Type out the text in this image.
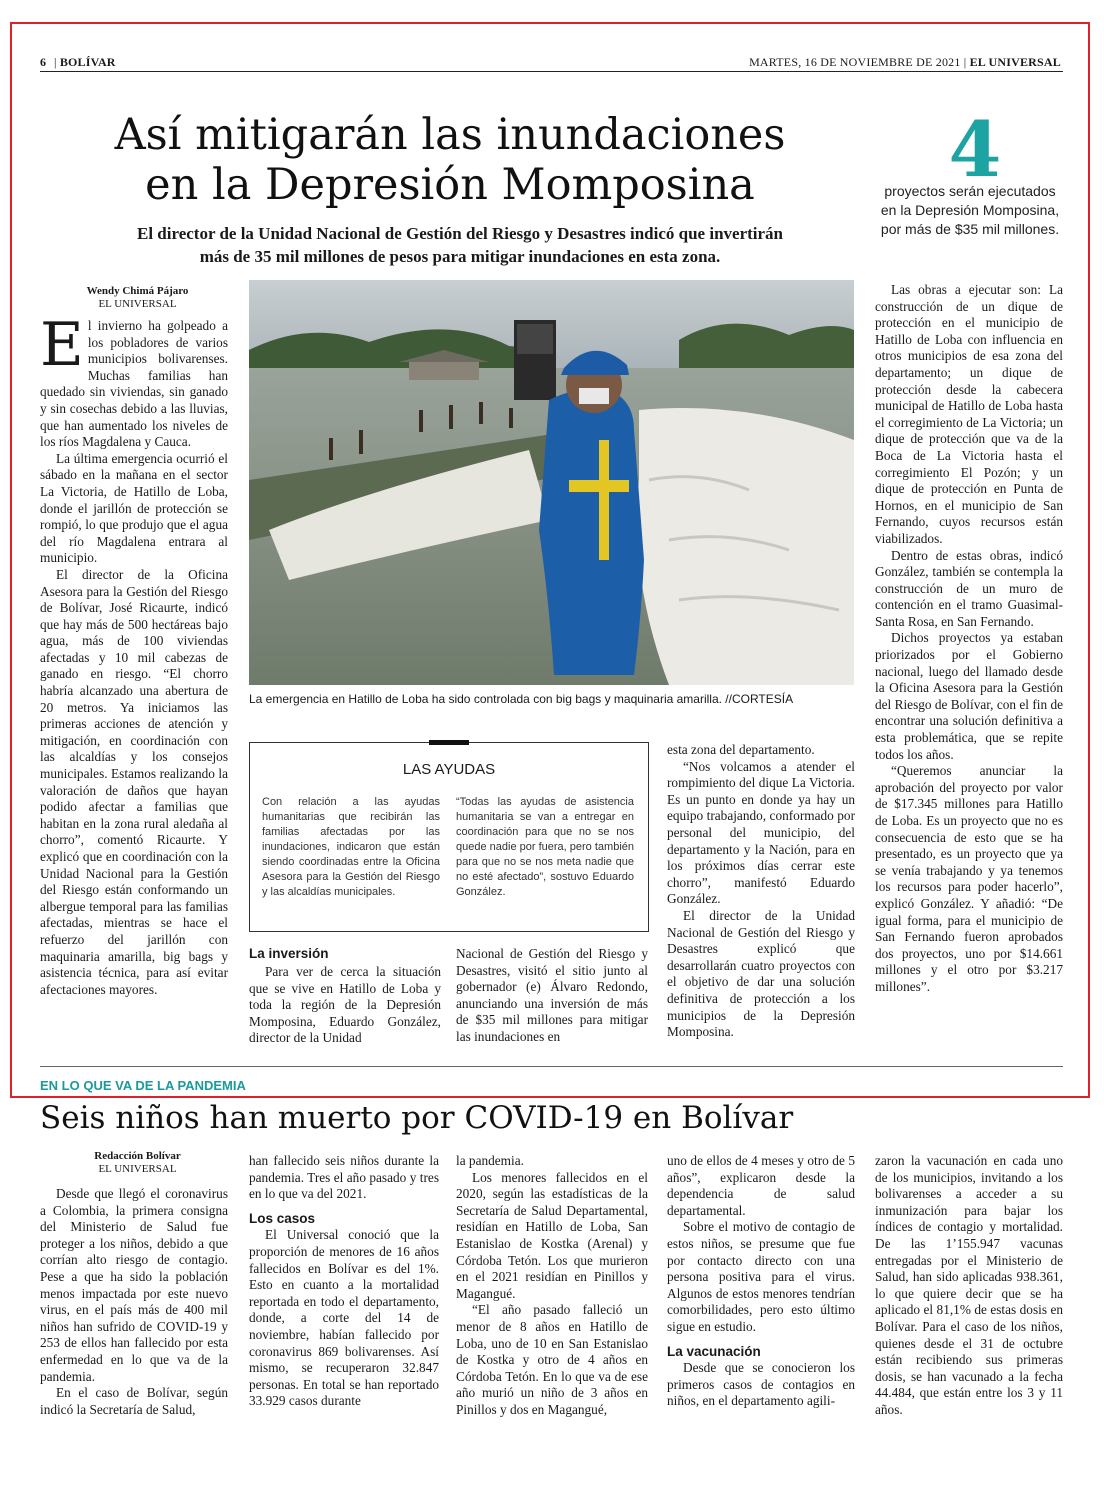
6 | BOLÍVAR	MARTES, 16 DE NOVIEMBRE DE 2021 | EL UNIVERSAL
Así mitigarán las inundaciones
en la Depresión Momposina
El director de la Unidad Nacional de Gestión del Riesgo y Desastres indicó que invertirán
más de 35 mil millones de pesos para mitigar inundaciones en esta zona.
4
proyectos serán ejecutados en la Depresión Momposina, por más de $35 mil millones.
Wendy Chimá Pájaro
EL UNIVERSAL

El invierno ha golpeado a los pobladores de varios municipios bolivarenses. Muchas familias han quedado sin viviendas, sin ganado y sin cosechas debido a las lluvias, que han aumentado los niveles de los ríos Magdalena y Cauca.

La última emergencia ocurrió el sábado en la mañana en el sector La Victoria, de Hatillo de Loba, donde el jarillón de protección se rompió, lo que produjo que el agua del río Magdalena entrara al municipio.

El director de la Oficina Asesora para la Gestión del Riesgo de Bolívar, José Ricaurte, indicó que hay más de 500 hectáreas bajo agua, más de 100 viviendas afectadas y 10 mil cabezas de ganado en riesgo. “El chorro habría alcanzado una abertura de 20 metros. Ya iniciamos las primeras acciones de atención y mitigación, en coordinación con las alcaldías y los consejos municipales. Estamos realizando la valoración de daños que hayan podido afectar a familias que habitan en la zona rural aledaña al chorro”, comentó Ricaurte. Y explicó que en coordinación con la Unidad Nacional para la Gestión del Riesgo están conformando un albergue temporal para las familias afectadas, mientras se hace el refuerzo del jarillón con maquinaria amarilla, big bags y asistencia técnica, para así evitar afectaciones mayores.

La emergencia en Hatillo de Loba ha sido controlada con big bags y maquinaria amarilla. //CORTESÍA
LAS AYUDAS
Con relación a las ayudas humanitarias que recibirán las familias afectadas por las inundaciones, indicaron que están siendo coordinadas entre la Oficina Asesora para la Gestión del Riesgo y las alcaldías municipales.
“Todas las ayudas de asistencia humanitaria se van a entregar en coordinación para que no se nos quede nadie por fuera, pero también para que no se nos meta nadie que no esté afectado”, sostuvo Eduardo González.
La inversión

Para ver de cerca la situación que se vive en Hatillo de Loba y toda la región de la Depresión Momposina, Eduardo González, director de la Unidad

Nacional de Gestión del Riesgo y Desastres, visitó el sitio junto al gobernador (e) Álvaro Redondo, anunciando una inversión de más de $35 mil millones para mitigar las inundaciones en

esta zona del departamento.

“Nos volcamos a atender el rompimiento del dique La Victoria. Es un punto en donde ya hay un equipo trabajando, conformado por personal del municipio, del departamento y la Nación, para en los próximos días cerrar este chorro”, manifestó Eduardo González.

El director de la Unidad Nacional de Gestión del Riesgo y Desastres explicó que desarrollarán cuatro proyectos con el objetivo de dar una solución definitiva de protección a los municipios de la Depresión Momposina.

Las obras a ejecutar son: La construcción de un dique de protección en el municipio de Hatillo de Loba con influencia en otros municipios de esa zona del departamento; un dique de protección desde la cabecera municipal de Hatillo de Loba hasta el corregimiento de La Victoria; un dique de protección que va de la Boca de La Victoria hasta el corregimiento El Pozón; y un dique de protección en Punta de Hornos, en el municipio de San Fernando, cuyos recursos están viabilizados.

Dentro de estas obras, indicó González, también se contempla la construcción de un muro de contención en el tramo Guasimal-Santa Rosa, en San Fernando.

Dichos proyectos ya estaban priorizados por el Gobierno nacional, luego del llamado desde la Oficina Asesora para la Gestión del Riesgo de Bolívar, con el fin de encontrar una solución definitiva a esta problemática, que se repite todos los años.

“Queremos anunciar la aprobación del proyecto por valor de $17.345 millones para Hatillo de Loba. Es un proyecto que no es consecuencia de esto que se ha presentado, es un proyecto que ya se venía trabajando y ya tenemos los recursos para poder hacerlo”, explicó González. Y añadió: “De igual forma, para el municipio de San Fernando fueron aprobados dos proyectos, uno por $14.661 millones y el otro por $3.217 millones”.

EN LO QUE VA DE LA PANDEMIA
Seis niños han muerto por COVID-19 en Bolívar
Redacción Bolívar
EL UNIVERSAL

Desde que llegó el coronavirus a Colombia, la primera consigna del Ministerio de Salud fue proteger a los niños, debido a que corrían alto riesgo de contagio. Pese a que ha sido la población menos impactada por este nuevo virus, en el país más de 400 mil niños han sufrido de COVID-19 y 253 de ellos han fallecido por esta enfermedad en lo que va de la pandemia.

En el caso de Bolívar, según indicó la Secretaría de Salud,

han fallecido seis niños durante la pandemia. Tres el año pasado y tres en lo que va del 2021.

Los casos

El Universal conoció que la proporción de menores de 16 años fallecidos en Bolívar es del 1%. Esto en cuanto a la mortalidad reportada en todo el departamento, donde, a corte del 14 de noviembre, habían fallecido por coronavirus 869 bolivarenses. Así mismo, se recuperaron 32.847 personas. En total se han reportado 33.929 casos durante

la pandemia.

Los menores fallecidos en el 2020, según las estadísticas de la Secretaría de Salud Departamental, residían en Hatillo de Loba, San Estanislao de Kostka (Arenal) y Córdoba Tetón. Los que murieron en el 2021 residían en Pinillos y Magangué.

“El año pasado falleció un menor de 8 años en Hatillo de Loba, uno de 10 en San Estanislao de Kostka y otro de 4 años en Córdoba Tetón. En lo que va de ese año murió un niño de 3 años en Pinillos y dos en Magangué,

uno de ellos de 4 meses y otro de 5 años”, explicaron desde la dependencia de salud departamental.

Sobre el motivo de contagio de estos niños, se presume que fue por contacto directo con una persona positiva para el virus. Algunos de estos menores tendrían comorbilidades, pero esto último sigue en estudio.

La vacunación

Desde que se conocieron los primeros casos de contagios en niños, en el departamento agili-

zaron la vacunación en cada uno de los municipios, invitando a los bolivarenses a acceder a su inmunización para bajar los índices de contagio y mortalidad. De las 1’155.947 vacunas entregadas por el Ministerio de Salud, han sido aplicadas 938.361, lo que quiere decir que se ha aplicado el 81,1% de estas dosis en Bolívar. Para el caso de los niños, quienes desde el 31 de octubre están recibiendo sus primeras dosis, se han vacunado a la fecha 44.484, que están entre los 3 y 11 años.
